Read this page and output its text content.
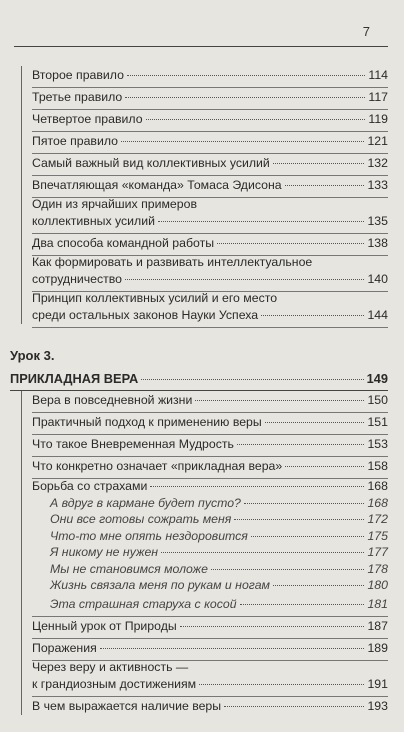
7
Второе правило	114
Третье правило	117
Четвертое правило	119
Пятое правило	121
Самый важный вид коллективных усилий	132
Впечатляющая «команда» Томаса Эдисона	133
Один из ярчайших примеров
коллективных усилий	135
Два способа командной работы	138
Как формировать и развивать интеллектуальное
сотрудничество	140
Принцип коллективных усилий и его место
среди остальных законов Науки Успеха	144
Урок 3.
ПРИКЛАДНАЯ ВЕРА	149
Вера в повседневной жизни	150
Практичный подход к применению веры	151
Что такое Вневременная Мудрость	153
Что конкретно означает «прикладная вера»	158
Борьба со страхами	168
А вдруг в кармане будет пусто?	168
Они все готовы сожрать меня	172
Что-то мне опять нездоровится	175
Я никому не нужен	177
Мы не становимся моложе	178
Жизнь связала меня по рукам и ногам	180
Эта страшная старуха с косой	181
Ценный урок от Природы	187
Поражения	189
Через веру и активность —
к грандиозным достижениям	191
В чем выражается наличие веры	193
